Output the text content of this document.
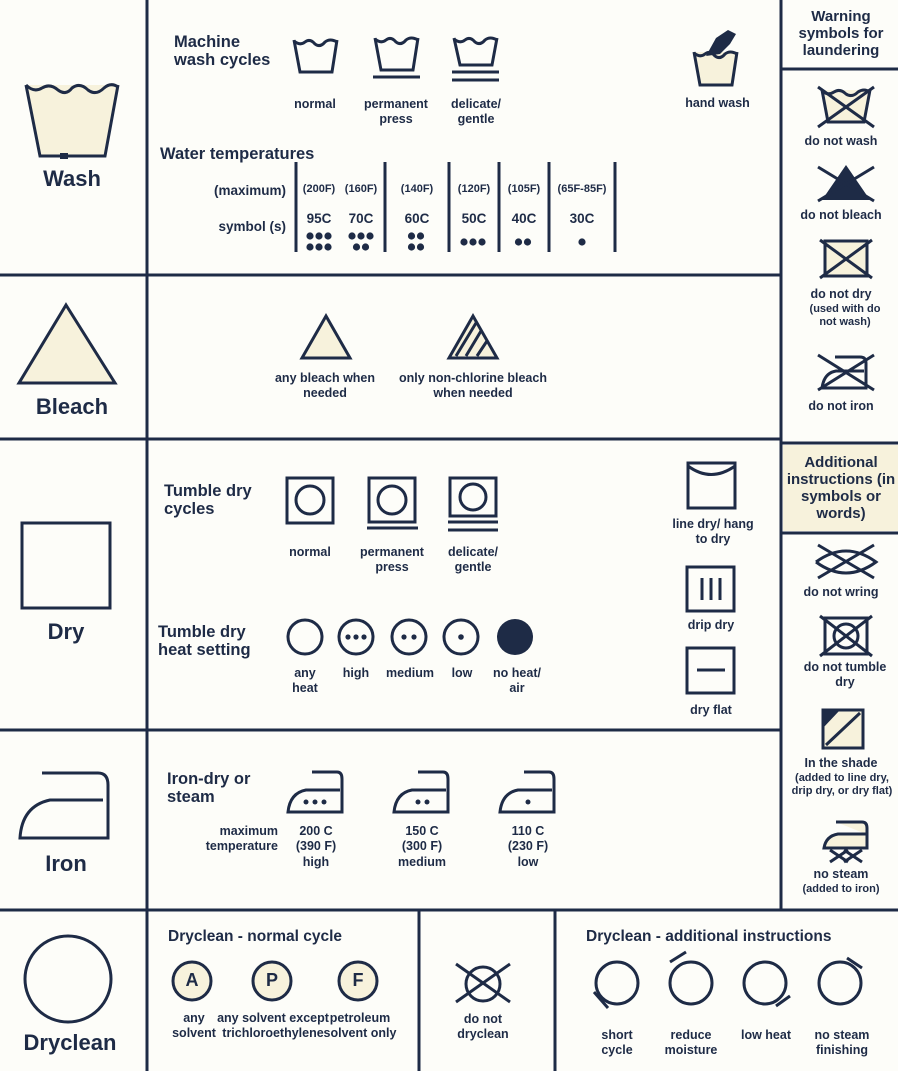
Wash
Machine wash cycles
normal	permanent press
delicate/ gentle
hand wash
Water temperatures
(maximum)
symbol (s)
(200F) (160F)	(140F)	(120F)	(105F)	(65F-85F)
95C	70C	60C	50C	40C	30C
Bleach
any bleach when needed
only non-chlorine bleach when needed
Dry
Tumble dry cycles
normal	permanent press
delicate/ gentle
Tumble dry heat setting
any heat
high	medium	low	no heat/ air
line dry/ hang to dry
drip dry
dry flat
Iron
Iron-dry or steam
maximum temperature
200 C (390 F) high
150 C (300 F) medium
110 C (230 F) low
Dryclean
Dryclean - normal cycle
A	P	F
any solvent
any solvent except trichloroethylene
petroleum solvent only
do not dryclean
Dryclean - additional instructions
short cycle
reduce moisture
low heat	no steam finishing
Warning symbols for laundering
do not wash
do not bleach
do not dry
(used with do not wash)
do not iron
Additional instructions (in symbols or words)
do not wring
do not tumble dry
In the shade
(added to line dry, drip dry, or dry flat)
no steam
(added to iron)
